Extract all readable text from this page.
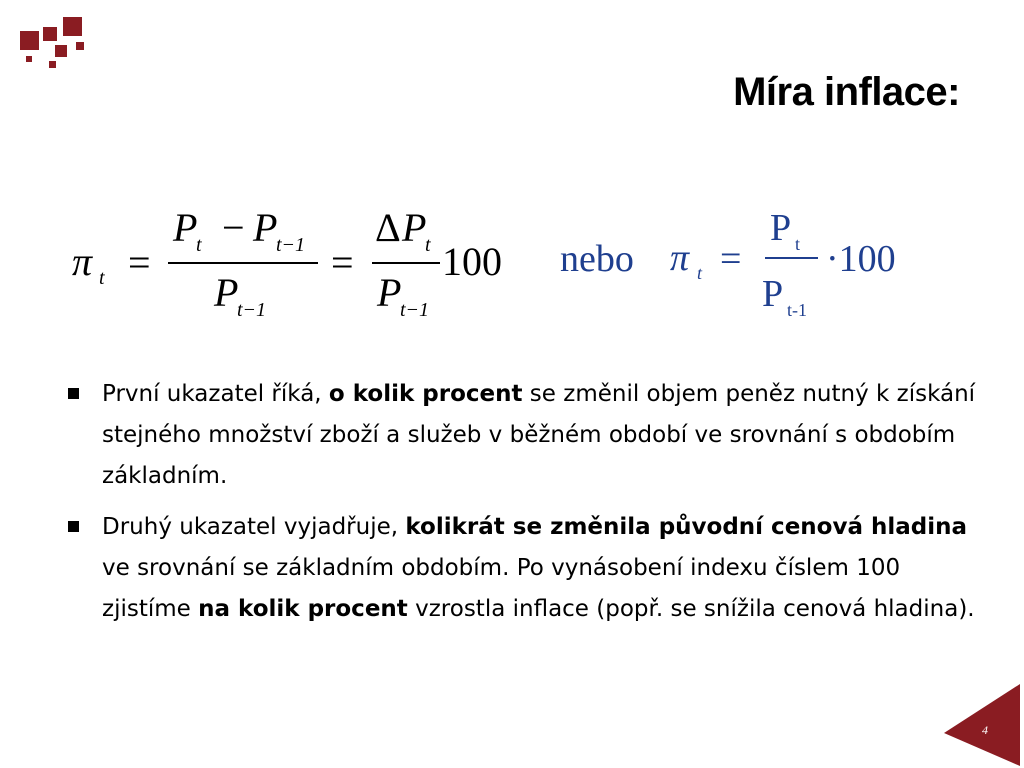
Míra inflace:
π t =
P
t − P
t−1
P
t−1
=
Δ P
t
P
t−1
100 nebo π t =
P t
P t-1
·100
První ukazatel říká, o kolik procent se změnil objem peněz nutný k získání stejného množství zboží a služeb v běžném období ve srovnání s obdobím základním.
Druhý ukazatel vyjadřuje, kolikrát se změnila původní cenová hladina ve srovnání se základním obdobím. Po vynásobení indexu číslem 100 zjistíme na kolik procent vzrostla inflace (popř. se snížila cenová hladina).
4
